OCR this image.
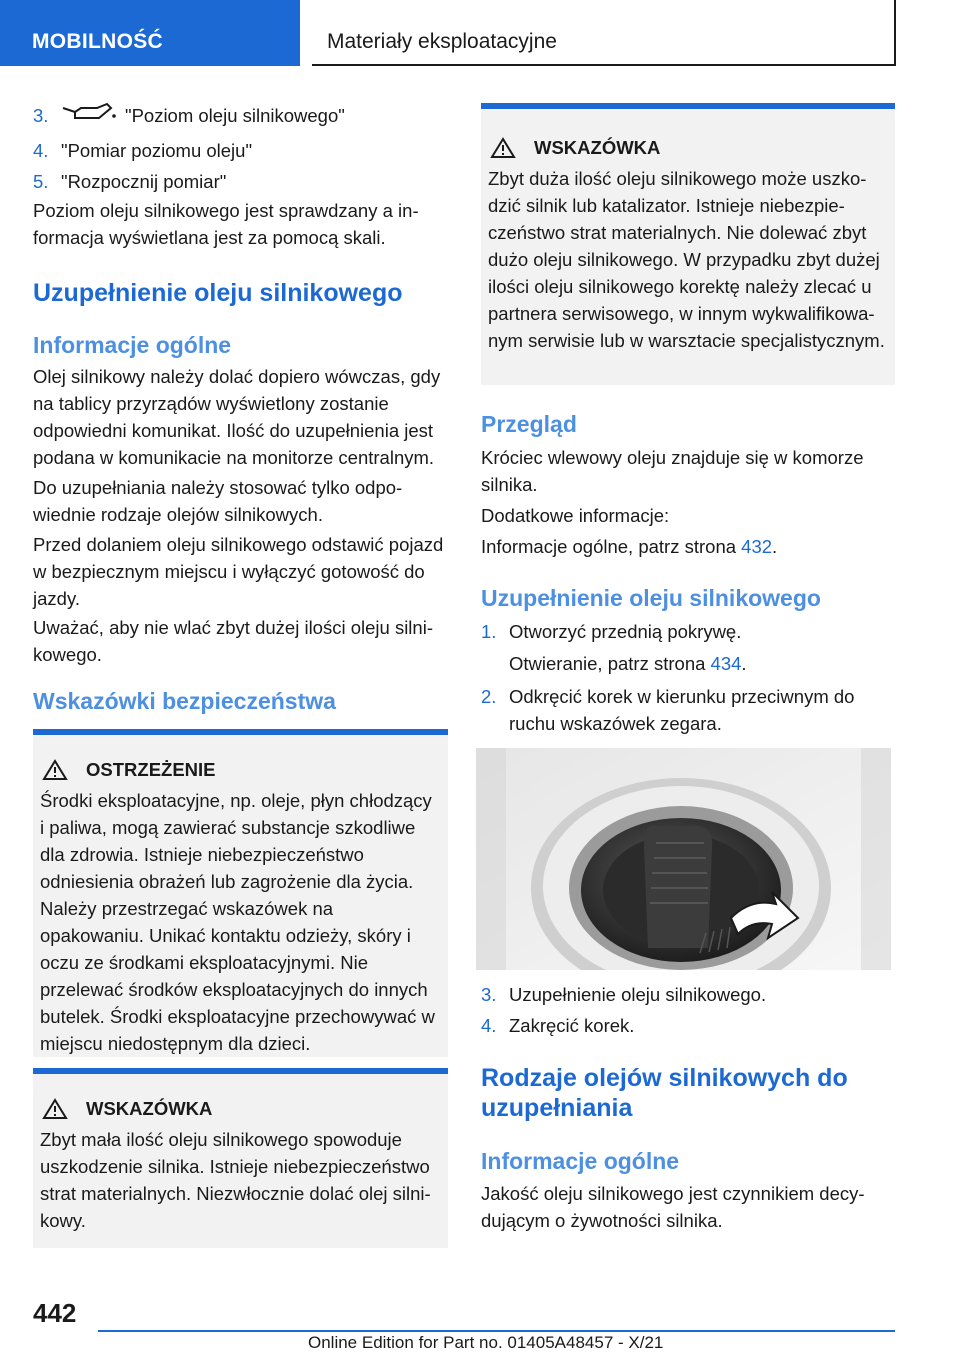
MOBILNOŚĆ	Materiały eksploatacyjne
3.	"Poziom oleju silnikowego"
4. "Pomiar poziomu oleju"
5. "Rozpocznij pomiar"

Poziom oleju silnikowego jest sprawdzany a informacja wyświetlana jest za pomocą skali.

Uzupełnienie oleju silnikowego
Informacje ogólne

Olej silnikowy należy dolać dopiero wówczas, gdy na tablicy przyrządów wyświetlony zostanie odpowiedni komunikat. Ilość do uzupełnienia jest podana w komunikacie na monitorze centralnym.

Do uzupełniania należy stosować tylko odpowiednie rodzaje olejów silnikowych.

Przed dolaniem oleju silnikowego odstawić pojazd w bezpiecznym miejscu i wyłączyć gotowość do jazdy.

Uważać, aby nie wlać zbyt dużej ilości oleju silnikowego.

Wskazówki bezpieczeństwa
OSTRZEŻENIE

Środki eksploatacyjne, np. oleje, płyn chłodzący i paliwa, mogą zawierać substancje szkodliwe dla zdrowia. Istnieje niebezpieczeństwo odniesienia obrażeń lub zagrożenie dla życia. Należy przestrzegać wskazówek na opakowaniu. Unikać kontaktu odzieży, skóry i oczu ze środkami eksploatacyjnymi. Nie przelewać środków eksploatacyjnych do innych butelek. Środki eksploatacyjne przechowywać w miejscu niedostępnym dla dzieci.

WSKAZÓWKA

Zbyt mała ilość oleju silnikowego spowoduje uszkodzenie silnika. Istnieje niebezpieczeństwo strat materialnych. Niezwłocznie dolać olej silnikowy.

WSKAZÓWKA

Zbyt duża ilość oleju silnikowego może uszkodzić silnik lub katalizator. Istnieje niebezpieczeństwo strat materialnych. Nie dolewać zbyt dużo oleju silnikowego. W przypadku zbyt dużej ilości oleju silnikowego korektę należy zlecać u partnera serwisowego, w innym wykwalifikowanym serwisie lub w warsztacie specjalistycznym.

Przegląd

Króciec wlewowy oleju znajduje się w komorze silnika.

Dodatkowe informacje:

Informacje ogólne, patrz strona 432.

Uzupełnienie oleju silnikowego
1. Otworzyć przednią pokrywę.

Otwieranie, patrz strona 434.

2. Odkręcić korek w kierunku przeciwnym do ruchu wskazówek zegara.
3. Uzupełnienie oleju silnikowego.
4. Zakręcić korek.
Rodzaje olejów silnikowych do uzupełniania
Informacje ogólne

Jakość oleju silnikowego jest czynnikiem decydującym o żywotności silnika.

442
Online Edition for Part no. 01405A48457 - X/21
